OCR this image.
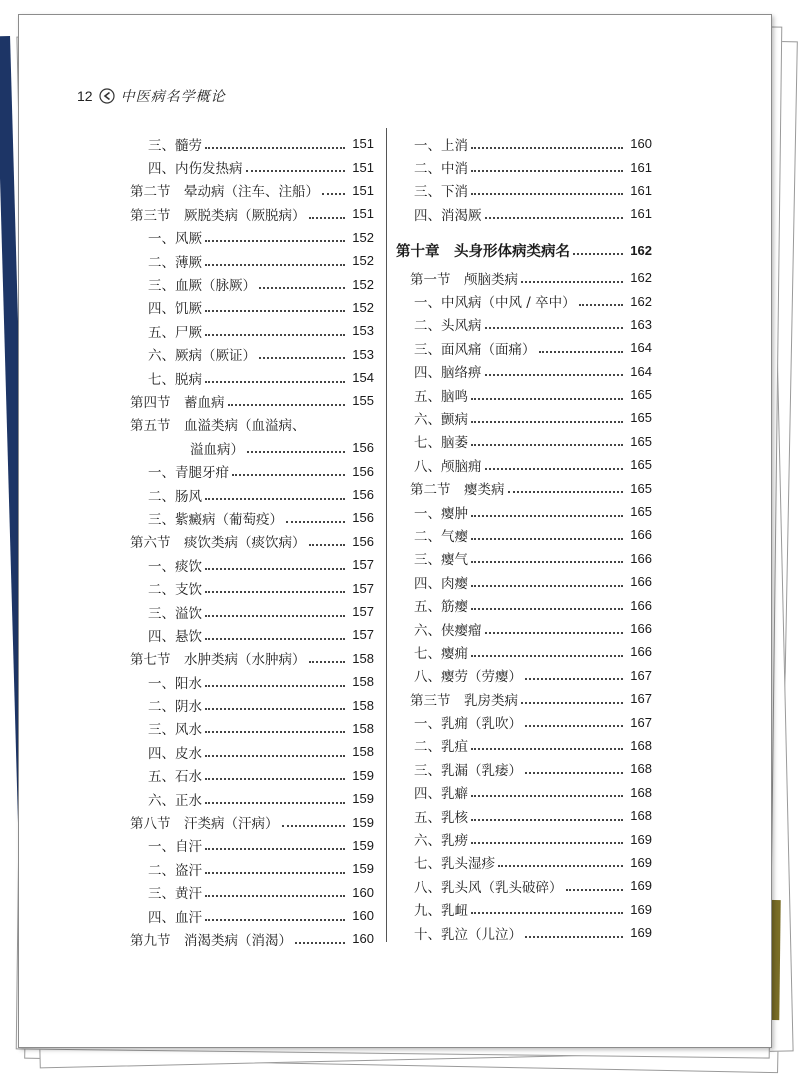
12 中医病名学概论
三、髓劳	151
四、内伤发热病	151
第二节　晕动病（注车、注船）	151
第三节　厥脱类病（厥脱病）	151
一、风厥	152
二、薄厥	152
三、血厥（脉厥）	152
四、饥厥	152
五、尸厥	153
六、厥病（厥证）	153
七、脱病	154
第四节　蓄血病	155
第五节　血溢类病（血溢病、
溢血病）	156
一、青腿牙疳	156
二、肠风	156
三、紫癜病（葡萄疫）	156
第六节　痰饮类病（痰饮病）	156
一、痰饮	157
二、支饮	157
三、溢饮	157
四、悬饮	157
第七节　水肿类病（水肿病）	158
一、阳水	158
二、阴水	158
三、风水	158
四、皮水	158
五、石水	159
六、正水	159
第八节　汗类病（汗病）	159
一、自汗	159
二、盗汗	159
三、黄汗	160
四、血汗	160
第九节　消渴类病（消渴）	160
一、上消	160
二、中消	161
三、下消	161
四、消渴厥	161
第十章　头身形体病类病名	162
第一节　颅脑类病	162
一、中风病（中风 / 卒中）	162
二、头风病	163
三、面风痛（面痛）	164
四、脑络痹	164
五、脑鸣	165
六、颤病	165
七、脑萎	165
八、颅脑痈	165
第二节　瘿类病	165
一、瘿肿	165
二、气瘿	166
三、瘿气	166
四、肉瘿	166
五、筋瘿	166
六、侠瘿瘤	166
七、瘿痈	166
八、瘿劳（劳瘿）	167
第三节　乳房类病	167
一、乳痈（乳吹）	167
二、乳疽	168
三、乳漏（乳痿）	168
四、乳癖	168
五、乳核	168
六、乳痨	169
七、乳头湿疹	169
八、乳头风（乳头破碎）	169
九、乳衄	169
十、乳泣（儿泣）	169
